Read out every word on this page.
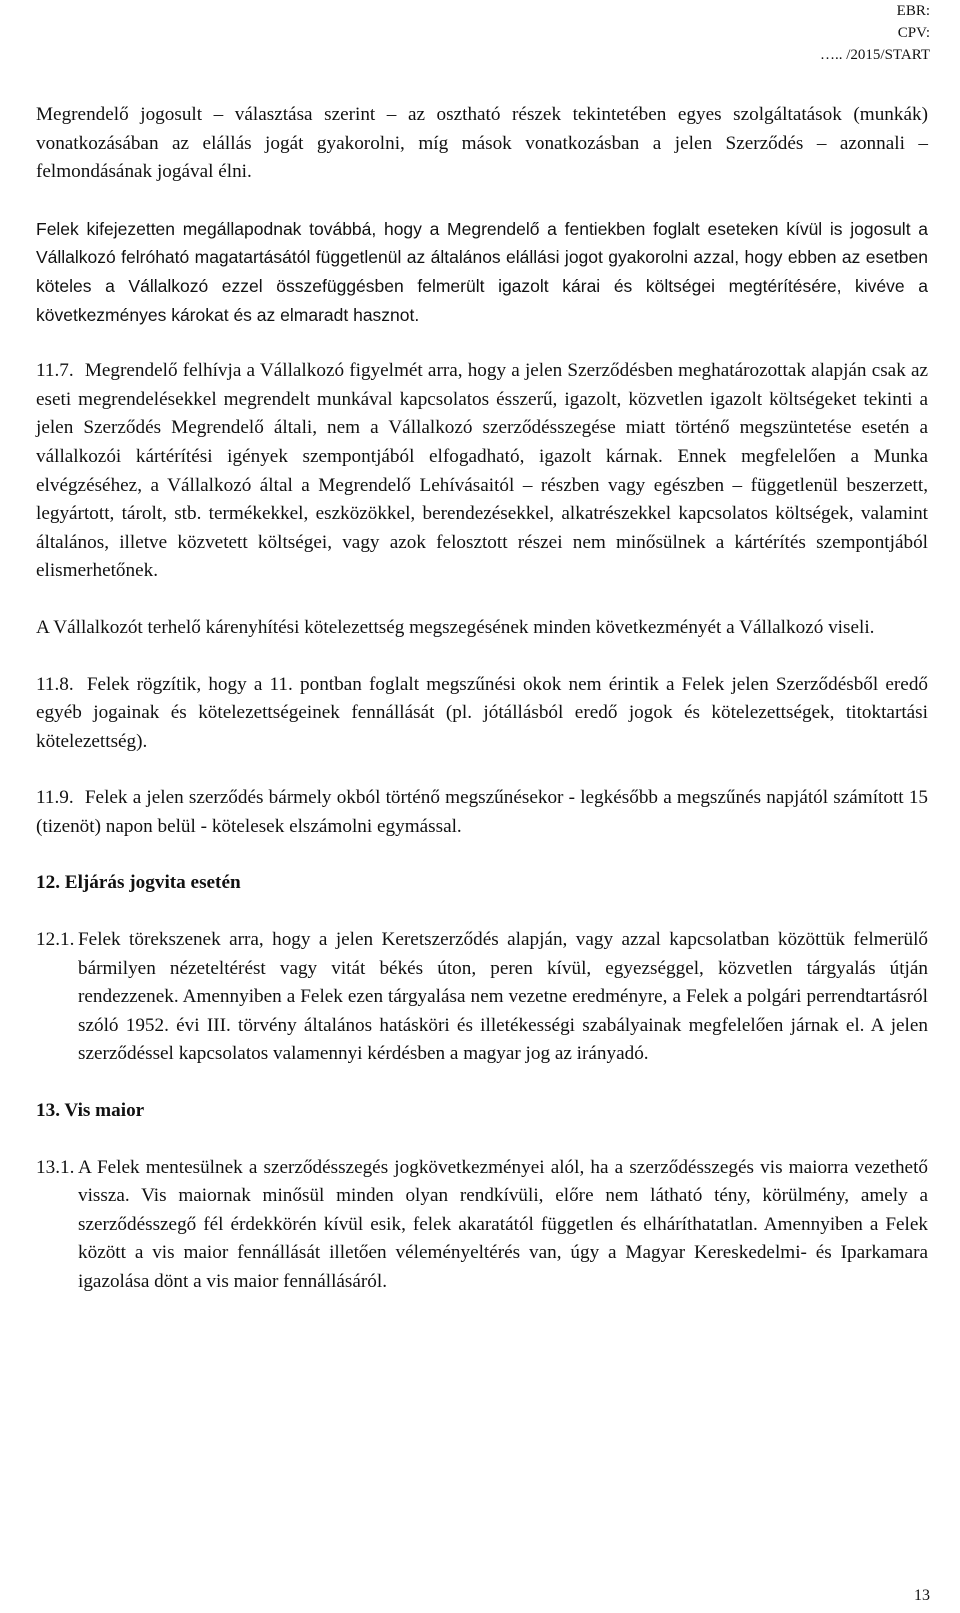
EBR:
CPV:
….. /2015/START

Megrendelő jogosult – választása szerint – az osztható részek tekintetében egyes szolgáltatások (munkák) vonatkozásában az elállás jogát gyakorolni, míg mások vonatkozásban a jelen Szerződés – azonnali – felmondásának jogával élni.

Felek kifejezetten megállapodnak továbbá, hogy a Megrendelő a fentiekben foglalt eseteken kívül is jogosult a Vállalkozó felróható magatartásától függetlenül az általános elállási jogot gyakorolni azzal, hogy ebben az esetben köteles a Vállalkozó ezzel összefüggésben felmerült igazolt kárai és költségei megtérítésére, kivéve a következményes károkat és az elmaradt hasznot.

11.7. Megrendelő felhívja a Vállalkozó figyelmét arra, hogy a jelen Szerződésben meghatározottak alapján csak az eseti megrendelésekkel megrendelt munkával kapcsolatos ésszerű, igazolt, közvetlen igazolt költségeket tekinti a jelen Szerződés Megrendelő általi, nem a Vállalkozó szerződésszegése miatt történő megszüntetése esetén a vállalkozói kártérítési igények szempontjából elfogadható, igazolt kárnak. Ennek megfelelően a Munka elvégzéséhez, a Vállalkozó által a Megrendelő Lehívásaitól – részben vagy egészben – függetlenül beszerzett, legyártott, tárolt, stb. termékekkel, eszközökkel, berendezésekkel, alkatrészekkel kapcsolatos költségek, valamint általános, illetve közvetett költségei, vagy azok felosztott részei nem minősülnek a kártérítés szempontjából elismerhetőnek.

A Vállalkozót terhelő kárenyhítési kötelezettség megszegésének minden következményét a Vállalkozó viseli.

11.8. Felek rögzítik, hogy a 11. pontban foglalt megszűnési okok nem érintik a Felek jelen Szerződésből eredő egyéb jogainak és kötelezettségeinek fennállását (pl. jótállásból eredő jogok és kötelezettségek, titoktartási kötelezettség).

11.9. Felek a jelen szerződés bármely okból történő megszűnésekor - legkésőbb a megszűnés napjától számított 15 (tizenöt) napon belül - kötelesek elszámolni egymással.

12. Eljárás jogvita esetén

12.1. Felek törekszenek arra, hogy a jelen Keretszerződés alapján, vagy azzal kapcsolatban közöttük felmerülő bármilyen nézeteltérést vagy vitát békés úton, peren kívül, egyezséggel, közvetlen tárgyalás útján rendezzenek. Amennyiben a Felek ezen tárgyalása nem vezetne eredményre, a Felek a polgári perrendtartásról szóló 1952. évi III. törvény általános hatásköri és illetékességi szabályainak megfelelően járnak el. A jelen szerződéssel kapcsolatos valamennyi kérdésben a magyar jog az irányadó.

13. Vis maior

13.1. A Felek mentesülnek a szerződésszegés jogkövetkezményei alól, ha a szerződésszegés vis maiorra vezethető vissza. Vis maiornak minősül minden olyan rendkívüli, előre nem látható tény, körülmény, amely a szerződésszegő fél érdekkörén kívül esik, felek akaratától független és elháríthatatlan. Amennyiben a Felek között a vis maior fennállását illetően véleményeltérés van, úgy a Magyar Kereskedelmi- és Iparkamara igazolása dönt a vis maior fennállásáról.
13
